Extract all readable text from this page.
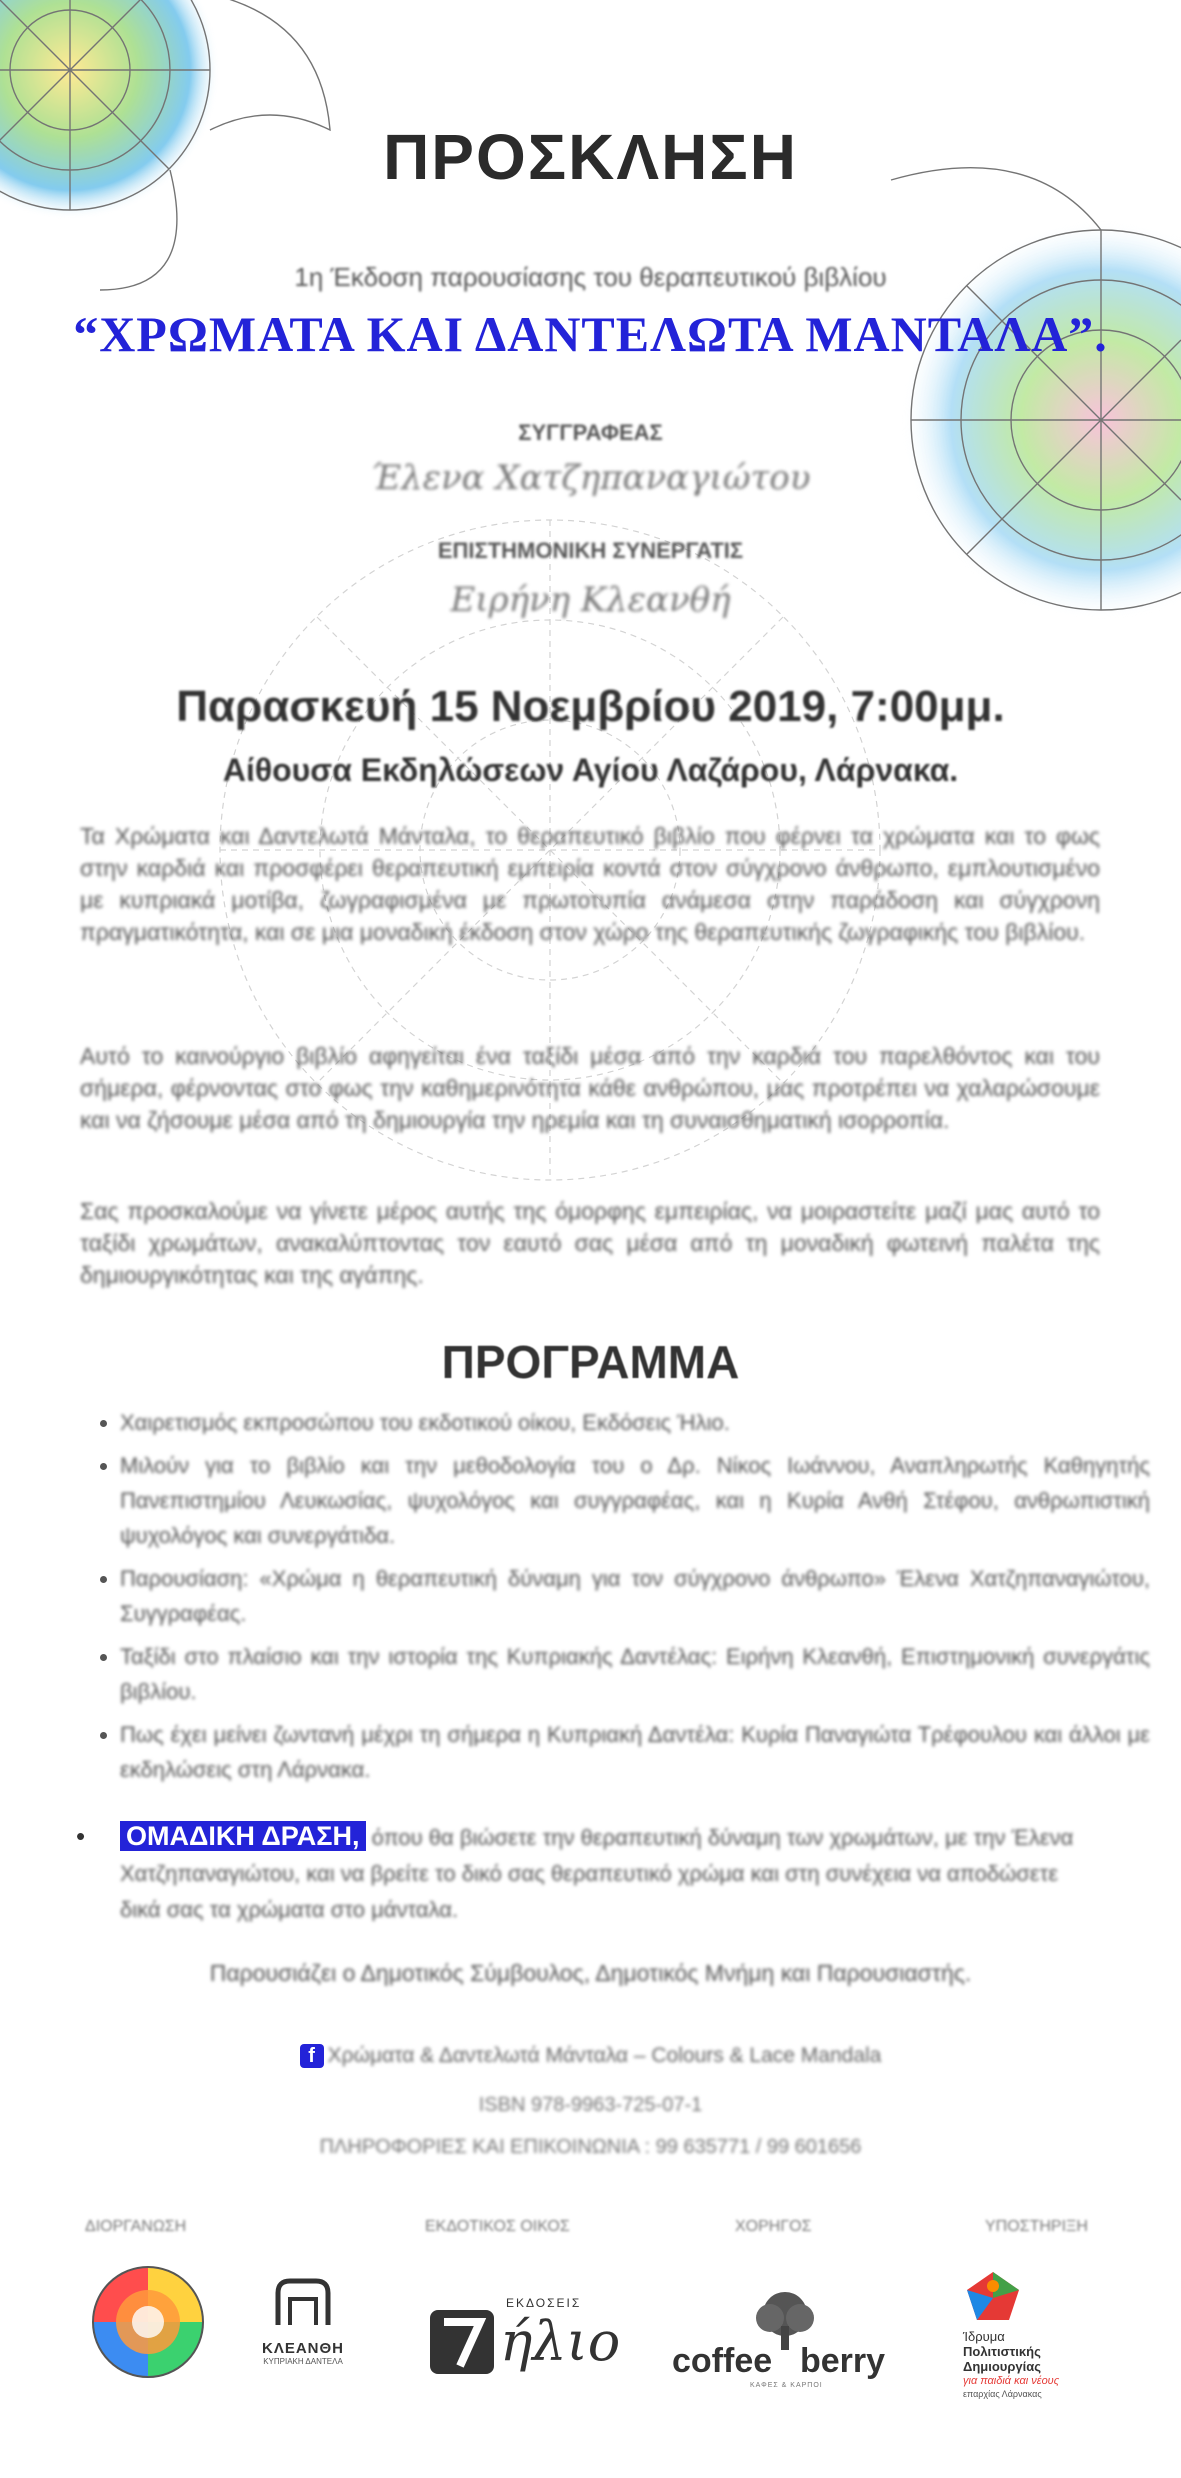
ΠΡΟΣΚΛΗΣΗ
1η Έκδοση παρουσίασης του θεραπευτικού βιβλίου
“ΧΡΩΜΑΤΑ ΚΑΙ ΔΑΝΤΕΛΩΤΑ ΜΑΝΤΑΛΑ”.
ΣΥΓΓΡΑΦΕΑΣ
Έλενα Χατζηπαναγιώτου
ΕΠΙΣΤΗΜΟΝΙΚΗ ΣΥΝΕΡΓΑΤΙΣ
Ειρήνη Κλεανθή
Παρασκευή 15 Νοεμβρίου 2019, 7:00μμ.
Αίθουσα Εκδηλώσεων Αγίου Λαζάρου, Λάρνακα.
Τα Χρώματα και Δαντελωτά Μάνταλα, το θεραπευτικό βιβλίο που φέρνει τα χρώματα και το φως στην καρδιά και προσφέρει θεραπευτική εμπειρία κοντά στον σύγχρονο άνθρωπο, εμπλουτισμένο με κυπριακά μοτίβα, ζωγραφισμένα με πρωτοτυπία ανάμεσα στην παράδοση και σύγχρονη πραγματικότητα, και σε μια μοναδική έκδοση στον χώρο της θεραπευτικής ζωγραφικής του βιβλίου.
Αυτό το καινούργιο βιβλίο αφηγείται ένα ταξίδι μέσα από την καρδιά του παρελθόντος και του σήμερα, φέρνοντας στο φως την καθημερινότητα κάθε ανθρώπου, μας προτρέπει να χαλαρώσουμε και να ζήσουμε μέσα από τη δημιουργία την ηρεμία και τη συναισθηματική ισορροπία.
Σας προσκαλούμε να γίνετε μέρος αυτής της όμορφης εμπειρίας, να μοιραστείτε μαζί μας αυτό το ταξίδι χρωμάτων, ανακαλύπτοντας τον εαυτό σας μέσα από τη μοναδική φωτεινή παλέτα της δημιουργικότητας και της αγάπης.
ΠΡΟΓΡΑΜΜΑ
• Χαιρετισμός εκπροσώπου του εκδοτικού οίκου, Εκδόσεις Ήλιο.
• Μιλούν για το βιβλίο και την μεθοδολογία του ο Δρ. Νίκος Ιωάννου, Αναπληρωτής Καθηγητής Πανεπιστημίου Λευκωσίας, ψυχολόγος και συγγραφέας, και η Κυρία Ανθή Στέφου, ανθρωπιστική ψυχολόγος και συνεργάτιδα.
• Παρουσίαση: «Χρώμα η θεραπευτική δύναμη για τον σύγχρονο άνθρωπο» Έλενα Χατζηπαναγιώτου, Συγγραφέας.
• Ταξίδι στο πλαίσιο και την ιστορία της Κυπριακής Δαντέλας: Ειρήνη Κλεανθή, Επιστημονική συνεργάτις βιβλίου.
• Πως έχει μείνει ζωντανή μέχρι τη σήμερα η Κυπριακή Δαντέλα: Κυρία Παναγιώτα Τρέφουλου και άλλοι με εκδηλώσεις στη Λάρνακα.
• ΟΜΑΔΙΚΗ ΔΡΑΣΗ, όπου θα βιώσετε την θεραπευτική δύναμη των χρωμάτων, με την Έλενα Χατζηπαναγιώτου, και να βρείτε το δικό σας θεραπευτικό χρώμα και στη συνέχεια να αποδώσετε δικά σας τα χρώματα στο μάνταλα.
Παρουσιάζει ο Δημοτικός Σύμβουλος, Δημοτικός Μνήμη και Παρουσιαστής.
f Χρώματα & Δαντελωτά Μάνταλα – Colours & Lace Mandala
ISBN 978-9963-725-07-1
ΠΛΗΡΟΦΟΡΙΕΣ ΚΑΙ ΕΠΙΚΟΙΝΩΝΙΑ : 99 635771 / 99 601656
ΔΙΟΡΓΑΝΩΣΗ	ΕΚΔΟΤΙΚΟΣ ΟΙΚΟΣ	ΧΟΡΗΓΟΣ	ΥΠΟΣΤΗΡΙΞΗ
ΚΛΕΑΝΘΗ
ΚΥΠΡΙΑΚΗ ΔΑΝΤΕΛΑ
ΕΚΔΟΣΕΙΣ
ήλιο coffee berry
ΚΑΦΕΣ & ΚΑΡΠΟΙ
Ίδρυμα
Πολιτιστικής
Δημιουργίας
για παιδιά και νέους
επαρχίας Λάρνακας
